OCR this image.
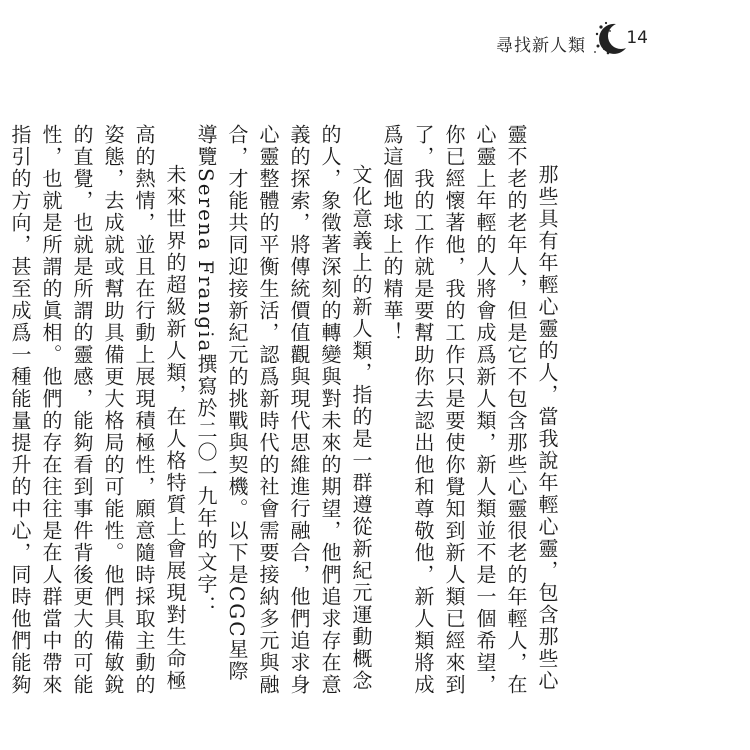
尋找新人類 14

那些具有年輕心靈的人，當我說年輕心靈，包含那些心靈不老的老年人，但是它不包含那些心靈很老的年輕人，在心靈上年輕的人將會成爲新人類，新人類並不是一個希望，你已經懷著他，我的工作只是要使你覺知到新人類已經來到了，我的工作就是要幫助你去認出他和尊敬他，新人類將成爲這個地球上的精華！

文化意義上的新人類，指的是一群遵從新紀元運動概念的人，象徵著深刻的轉變與對未來的期望，他們追求存在意義的探索，將傳統價值觀與現代思維進行融合，他們追求身心靈整體的平衡生活，認爲新時代的社會需要接納多元與融合，才能共同迎接新紀元的挑戰與契機。以下是CGC星際導覽Serena Frangia撰寫於二〇一九年的文字：

未來世界的超級新人類，在人格特質上會展現對生命極高的熱情，並且在行動上展現積極性，願意隨時採取主動的姿態，去成就或幫助具備更大格局的可能性。他們具備敏銳的直覺，也就是所謂的靈感，能夠看到事件背後更大的可能性，也就是所謂的眞相。他們的存在往往是在人群當中帶來指引的方向，甚至成爲一種能量提升的中心，同時他們能夠
